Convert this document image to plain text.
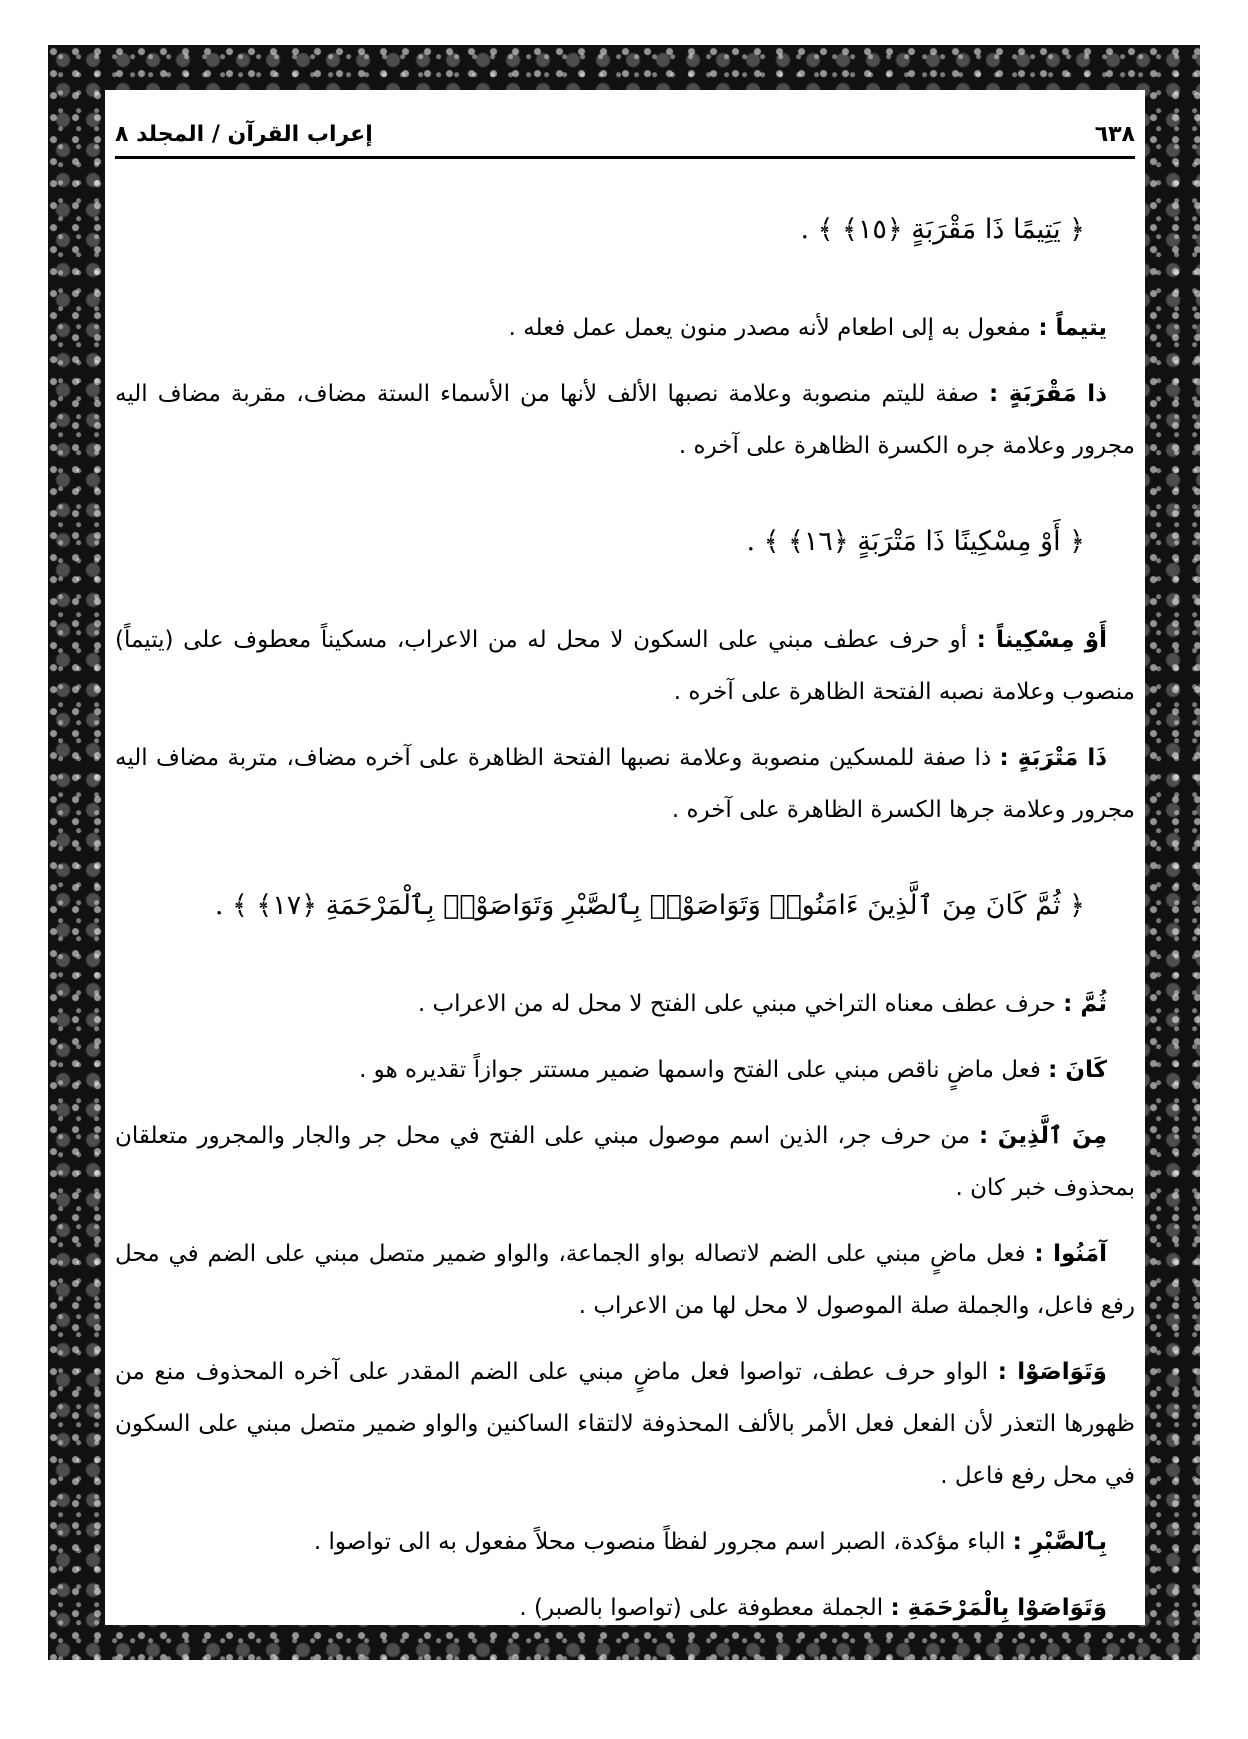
٦٣٨
إعراب القرآن / المجلد ٨
﴿ يَتِيمًا ذَا مَقْرَبَةٍ ﴿١٥﴾ ﴾ .
يتيماً : مفعول به إلى اطعام لأنه مصدر منون يعمل عمل فعله .
ذا مَقْرَبَةٍ : صفة لليتم منصوبة وعلامة نصبها الألف لأنها من الأسماء الستة مضاف، مقربة مضاف اليه مجرور وعلامة جره الكسرة الظاهرة على آخره .
﴿ أَوْ مِسْكِينًا ذَا مَتْرَبَةٍ ﴿١٦﴾ ﴾ .
أَوْ مِسْكِيناً : أو حرف عطف مبني على السكون لا محل له من الاعراب، مسكيناً معطوف على (يتيماً) منصوب وعلامة نصبه الفتحة الظاهرة على آخره .
ذَا مَتْرَبَةٍ : ذا صفة للمسكين منصوبة وعلامة نصبها الفتحة الظاهرة على آخره مضاف، متربة مضاف اليه مجرور وعلامة جرها الكسرة الظاهرة على آخره .
﴿ ثُمَّ كَانَ مِنَ ٱلَّذِينَ ءَامَنُوا۟ وَتَوَاصَوْا۟ بِٱلصَّبْرِ وَتَوَاصَوْا۟ بِٱلْمَرْحَمَةِ ﴿١٧﴾ ﴾ .
ثُمَّ : حرف عطف معناه التراخي مبني على الفتح لا محل له من الاعراب .
كَانَ : فعل ماضٍ ناقص مبني على الفتح واسمها ضمير مستتر جوازاً تقديره هو .
مِنَ ٱلَّذِينَ : من حرف جر، الذين اسم موصول مبني على الفتح في محل جر والجار والمجرور متعلقان بمحذوف خبر كان .
آمَنُوا : فعل ماضٍ مبني على الضم لاتصاله بواو الجماعة، والواو ضمير متصل مبني على الضم في محل رفع فاعل، والجملة صلة الموصول لا محل لها من الاعراب .
وَتَوَاصَوْا : الواو حرف عطف، تواصوا فعل ماضٍ مبني على الضم المقدر على آخره المحذوف منع من ظهورها التعذر لأن الفعل فعل الأمر بالألف المحذوفة لالتقاء الساكنين والواو ضمير متصل مبني على السكون في محل رفع فاعل .
بِٱلصَّبْرِ : الباء مؤكدة، الصبر اسم مجرور لفظاً منصوب محلاً مفعول به الى تواصوا .
وَتَوَاصَوْا بِالْمَرْحَمَةِ : الجملة معطوفة على (تواصوا بالصبر) .
